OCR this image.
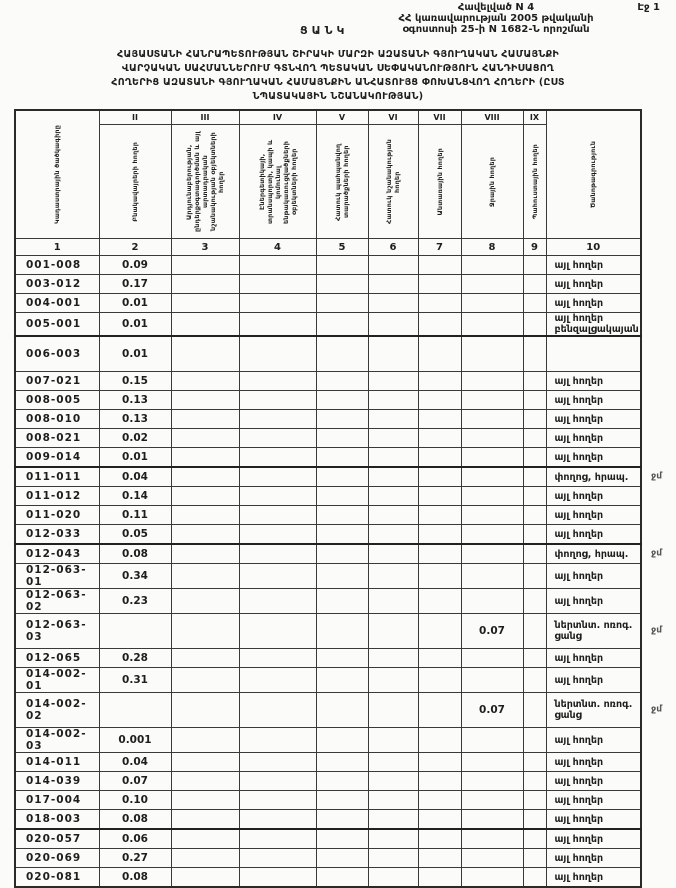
Էջ 1
Հավելված N 4
ՀՀ կառավարության 2005 թվականի
օգոստոսի 25-ի N 1682-Ն որոշման
ՑԱՆԿ
ՀԱՅԱՍՏԱՆԻ ՀԱՆՐԱՊԵՏՈՒԹՅԱՆ ՇԻՐԱԿԻ ՄԱՐԶԻ ԱԶԱՏԱՆԻ ԳՅՈՒՂԱԿԱՆ ՀԱՄԱՅՆՔԻ
ՎԱՐՉԱԿԱՆ ՍԱՀՄԱՆՆԵՐՈՒՄ ԳՏՆՎՈՂ ՊԵՏԱԿԱՆ ՍԵՓԱԿԱՆՈՒԹՅՈՒՆ ՀԱՆԴԻՍԱՑՈՂ
ՀՈՂԵՐԻՑ ԱԶԱՏԱՆԻ ԳՅՈՒՂԱԿԱՆ ՀԱՄԱՅՆՔԻՆ ԱՆՀԱՏՈՒՅՑ ՓՈԽԱՆՑՎՈՂ ՀՈՂԵՐԻ (ԸՍՏ
ՆՊԱՏԱԿԱՅԻՆ ՆՇԱՆԱԿՈՒԹՅԱՆ)
Կադաստրային ծածկագիրը

II
Բնակավայրերի հողեր

III
Արդյունաբերության, ընդերքօգտագործման և այլ արտադրական նշանակության օբյեկտների հողեր

IV
Էներգետիկայի, տրանսպորտի, կապի և կոմունալ ենթակառուցվածքների օբյեկտների հողեր

V
Հատուկ պահպանվող տարածքների հողեր

VI
Հատուկ նշանակության հողեր

VII
Անտառային հողեր

VIII
Ջրային հողեր

IX
Պահուստային հողեր	Ծանոթագրություն

1	2	3	4	5	6	7	8	9	10
001-008	0.09								այլ հողեր
003-012	0.17								այլ հողեր
004-001	0.01								այլ հողեր
005-001	0.01								այլ հողեր
բենզալցակայան

006-003	0.01								
007-021	0.15								այլ հողեր
008-005	0.13								այլ հողեր
008-010	0.13								այլ հողեր
008-021	0.02								այլ հողեր
009-014	0.01								այլ հողեր
011-011	0.04								փողոց, հրապ. ջմ

011-012	0.14								այլ հողեր
011-020	0.11								այլ հողեր
012-033	0.05								այլ հողեր
012-043	0.08								փողոց, հրապ. ջմ

012-063-01	0.34								այլ հողեր
012-063-02	0.23								այլ հողեր
012-063-03							0.07		ներտնտ. ոռոգ.
ցանց
ջմ

012-065	0.28								այլ հողեր
014-002-01	0.31								այլ հողեր
014-002-02							0.07		ներտնտ. ոռոգ.
ցանց
ջմ

014-002-03	0.001								այլ հողեր
014-011	0.04								այլ հողեր
014-039	0.07								այլ հողեր
017-004	0.10								այլ հողեր
018-003	0.08								այլ հողեր
020-057	0.06								այլ հողեր
020-069	0.27								այլ հողեր
020-081	0.08								այլ հողեր
